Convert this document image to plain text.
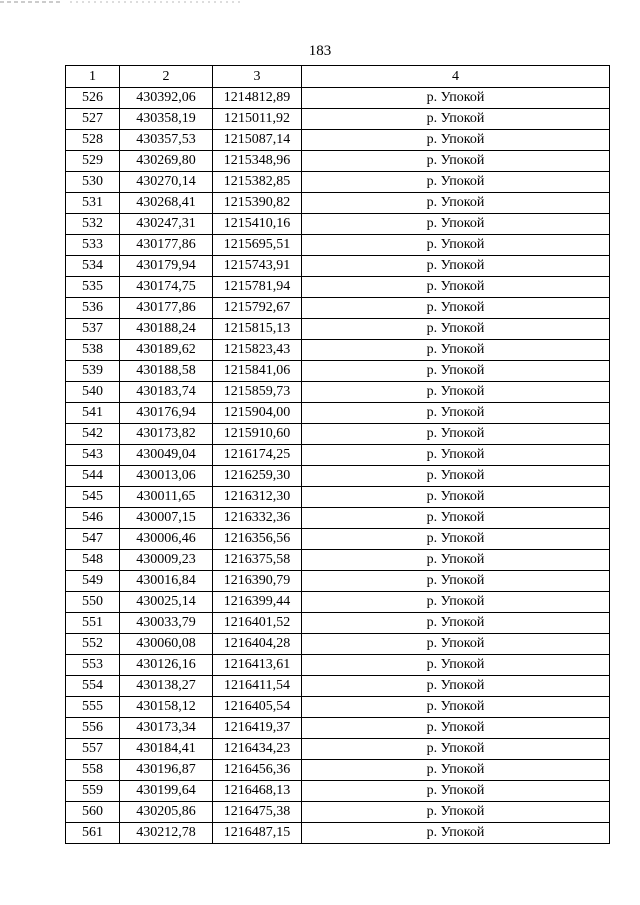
183
1	2	3	4
526	430392,06	1214812,89	р. Упокой
527	430358,19	1215011,92	р. Упокой
528	430357,53	1215087,14	р. Упокой
529	430269,80	1215348,96	р. Упокой
530	430270,14	1215382,85	р. Упокой
531	430268,41	1215390,82	р. Упокой
532	430247,31	1215410,16	р. Упокой
533	430177,86	1215695,51	р. Упокой
534	430179,94	1215743,91	р. Упокой
535	430174,75	1215781,94	р. Упокой
536	430177,86	1215792,67	р. Упокой
537	430188,24	1215815,13	р. Упокой
538	430189,62	1215823,43	р. Упокой
539	430188,58	1215841,06	р. Упокой
540	430183,74	1215859,73	р. Упокой
541	430176,94	1215904,00	р. Упокой
542	430173,82	1215910,60	р. Упокой
543	430049,04	1216174,25	р. Упокой
544	430013,06	1216259,30	р. Упокой
545	430011,65	1216312,30	р. Упокой
546	430007,15	1216332,36	р. Упокой
547	430006,46	1216356,56	р. Упокой
548	430009,23	1216375,58	р. Упокой
549	430016,84	1216390,79	р. Упокой
550	430025,14	1216399,44	р. Упокой
551	430033,79	1216401,52	р. Упокой
552	430060,08	1216404,28	р. Упокой
553	430126,16	1216413,61	р. Упокой
554	430138,27	1216411,54	р. Упокой
555	430158,12	1216405,54	р. Упокой
556	430173,34	1216419,37	р. Упокой
557	430184,41	1216434,23	р. Упокой
558	430196,87	1216456,36	р. Упокой
559	430199,64	1216468,13	р. Упокой
560	430205,86	1216475,38	р. Упокой
561	430212,78	1216487,15	р. Упокой
